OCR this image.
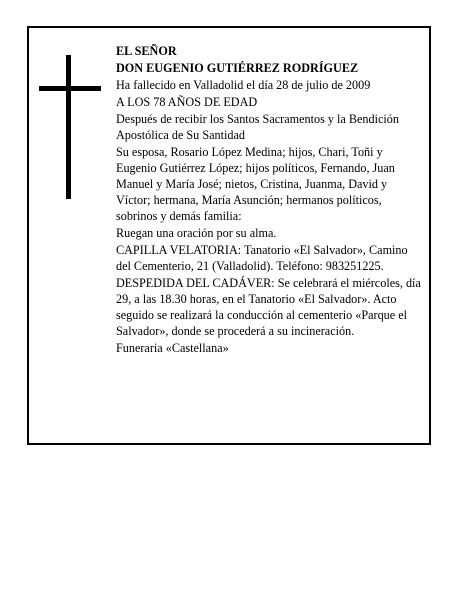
EL SEÑOR

DON EUGENIO GUTIÉRREZ RODRÍGUEZ

Ha fallecido en Valladolid el día 28 de julio de 2009

A LOS 78 AÑOS DE EDAD

Después de recibir los Santos Sacramentos y la Bendición Apostólica de Su Santidad

Su esposa, Rosario López Medina; hijos, Chari, Toñi y Eugenio Gutiérrez López; hijos políticos, Fernando, Juan Manuel y María José; nietos, Cristina, Juanma, David y Víctor; hermana, María Asunción; hermanos políticos, sobrinos y demás familia:

Ruegan una oración por su alma.

CAPILLA VELATORIA: Tanatorio «El Salvador», Camino del Cementerio, 21 (Valladolid). Teléfono: 983251225.

DESPEDIDA DEL CADÁVER: Se celebrará el miércoles, día 29, a las 18.30 horas, en el Tanatorio «El Salvador». Acto seguido se realizará la conducción al cementerio «Parque el Salvador», donde se procederá a su incineración.

Funeraria «Castellana»
